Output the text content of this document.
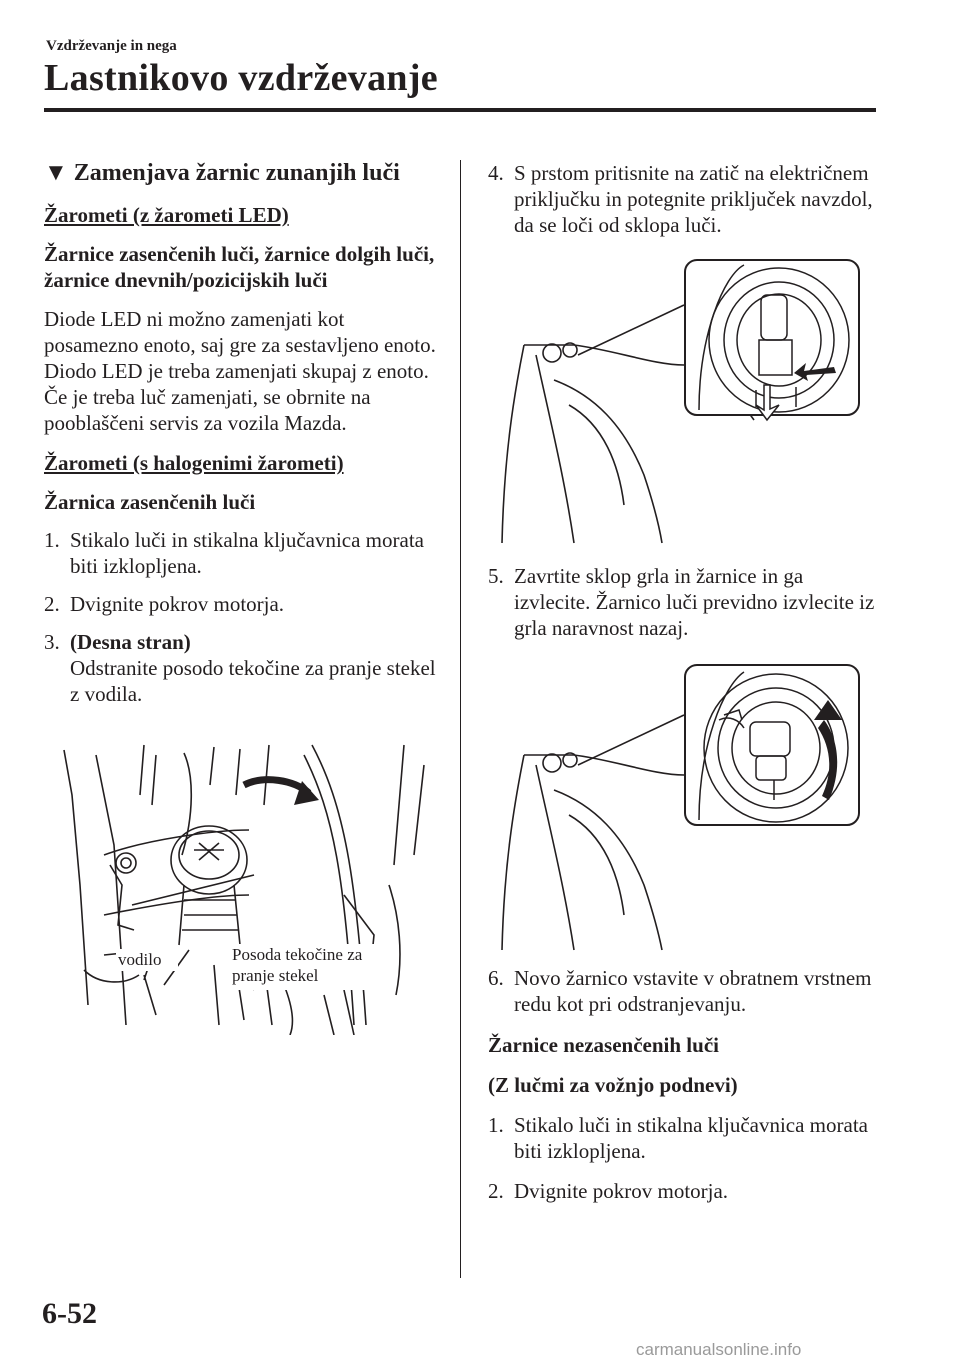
Vzdrževanje in nega
Lastnikovo vzdrževanje
▼ Zamenjava žarnic zunanjih luči
Žarometi (z žarometi LED)
Žarnice zasenčenih luči, žarnice dolgih luči, žarnice dnevnih/pozicijskih luči
Diode LED ni možno zamenjati kot posamezno enoto, saj gre za sestavljeno enoto. Diodo LED je treba zamenjati skupaj z enoto. Če je treba luč zamenjati, se obrnite na pooblaščeni servis za vozila Mazda.
Žarometi (s halogenimi žarometi)
Žarnica zasenčenih luči
1. Stikalo luči in stikalna ključavnica morata biti izklopljena.
2. Dvignite pokrov motorja.
3. (Desna stran)
Odstranite posodo tekočine za pranje stekel z vodila.
vodilo	Posoda tekočine za
pranje stekel
4. S prstom pritisnite na zatič na električnem priključku in potegnite priključek navzdol, da se loči od sklopa luči.
5. Zavrtite sklop grla in žarnice in ga izvlecite. Žarnico luči previdno izvlecite iz grla naravnost nazaj.
6. Novo žarnico vstavite v obratnem vrstnem redu kot pri odstranjevanju.
Žarnice nezasenčenih luči
(Z lučmi za vožnjo podnevi)
1. Stikalo luči in stikalna ključavnica morata biti izklopljena.
2. Dvignite pokrov motorja.
6-52
carmanualsonline.info
